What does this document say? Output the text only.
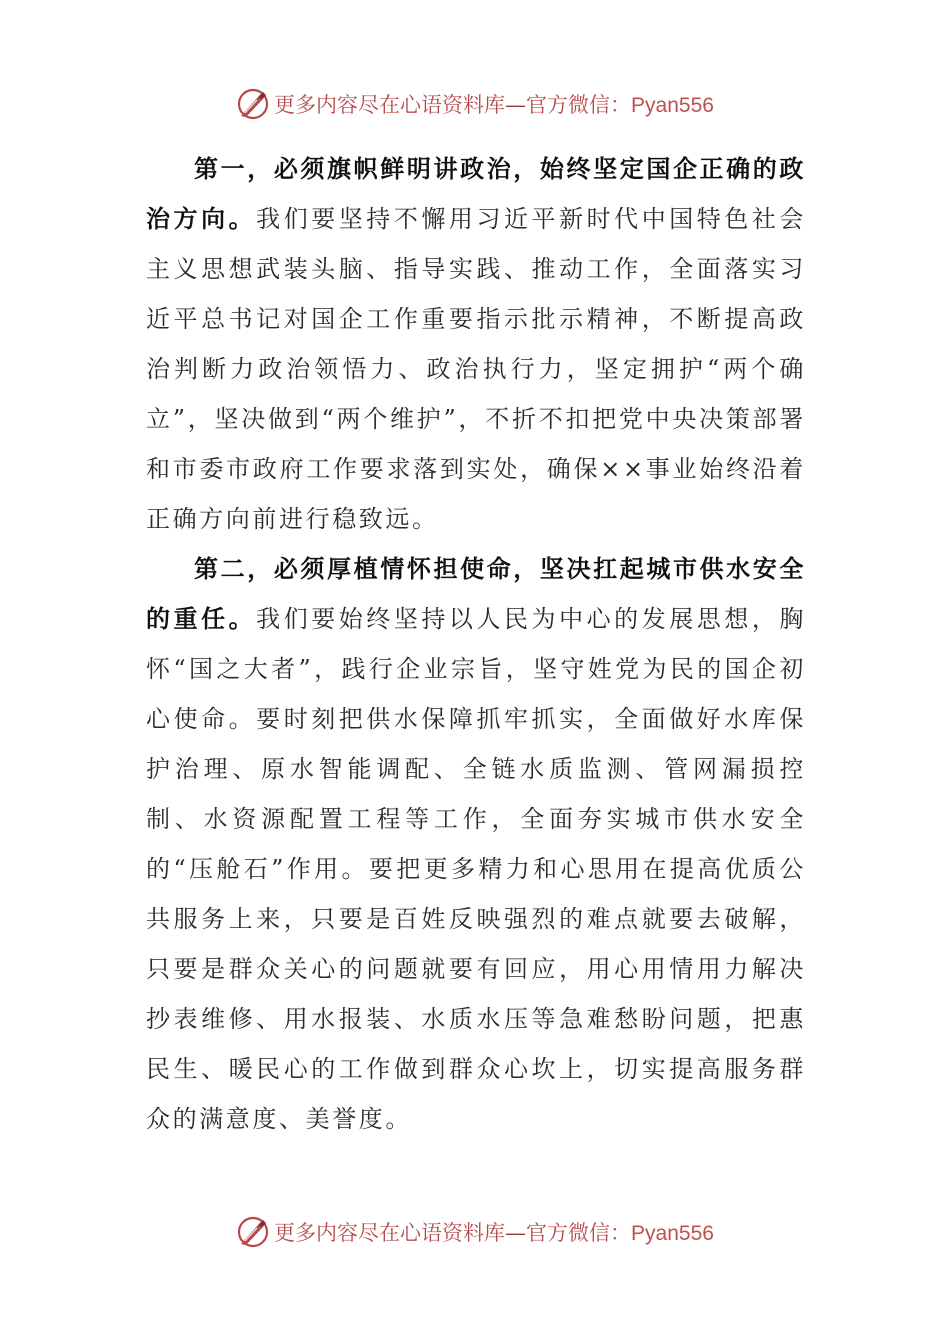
更多内容尽在心语资料库—官方微信：Pyan556

第一，必须旗帜鲜明讲政治，始终坚定国企正确的政治方向。我们要坚持不懈用习近平新时代中国特色社会主义思想武装头脑、指导实践、推动工作，全面落实习近平总书记对国企工作重要指示批示精神，不断提高政治判断力政治领悟力、政治执行力，坚定拥护“两个确立”，坚决做到“两个维护”，不折不扣把党中央决策部署和市委市政府工作要求落到实处，确保××事业始终沿着正确方向前进行稳致远。

第二，必须厚植情怀担使命，坚决扛起城市供水安全的重任。我们要始终坚持以人民为中心的发展思想，胸怀“国之大者”，践行企业宗旨，坚守姓党为民的国企初心使命。要时刻把供水保障抓牢抓实，全面做好水库保护治理、原水智能调配、全链水质监测、管网漏损控制、水资源配置工程等工作，全面夯实城市供水安全的“压舱石”作用。要把更多精力和心思用在提高优质公共服务上来，只要是百姓反映强烈的难点就要去破解，只要是群众关心的问题就要有回应，用心用情用力解决抄表维修、用水报装、水质水压等急难愁盼问题，把惠民生、暖民心的工作做到群众心坎上，切实提高服务群众的满意度、美誉度。

更多内容尽在心语资料库—官方微信：Pyan556
